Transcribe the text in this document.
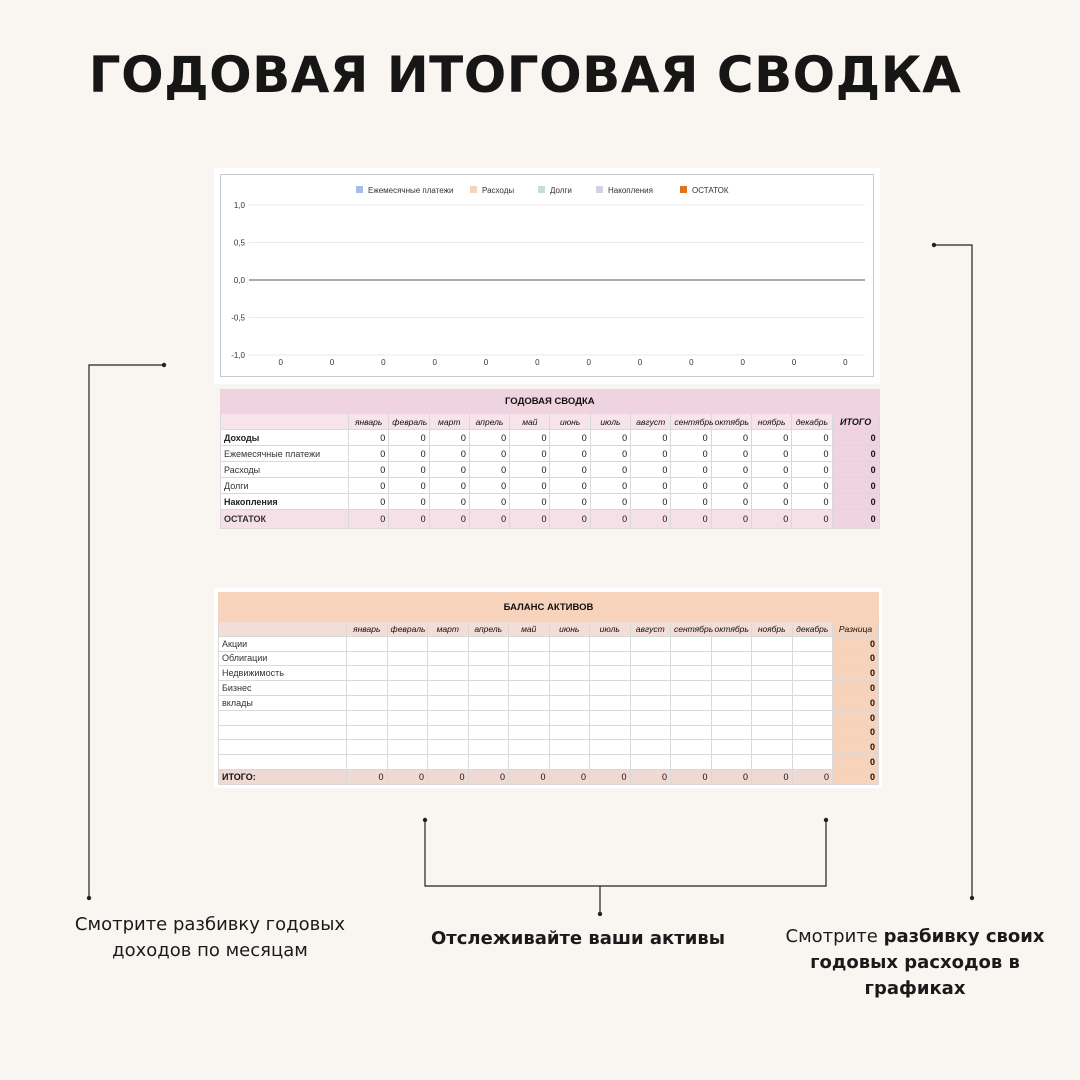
ГОДОВАЯ ИТОГОВАЯ СВОДКА
Ежемесячные платежи	Расходы	Долги	Накопления	ОСТАТОК
1,0
0,5
0,0
-0,5
-1,0
0	0	0	0	0	0	0	0	0	0	0	0
ГОДОВАЯ СВОДКА													
	январь	февраль	март	апрель	май	июнь	июль	август	сентябрь	октябрь	ноябрь	декабрь	ИТОГО
Доходы	0	0	0	0	0	0	0	0	0	0	0	0	0
Ежемесячные платежи	0	0	0	0	0	0	0	0	0	0	0	0	0
Расходы	0	0	0	0	0	0	0	0	0	0	0	0	0
Долги	0	0	0	0	0	0	0	0	0	0	0	0	0
Накопления	0	0	0	0	0	0	0	0	0	0	0	0	0
ОСТАТОК	0	0	0	0	0	0	0	0	0	0	0	0	0
БАЛАНС АКТИВОВ													
	январь	февраль	март	апрель	май	июнь	июль	август	сентябрь	октябрь	ноябрь	декабрь	Разница
Акции													0
Облигации													0
Недвижимость													0
Бизнес													0
вклады													0
													0
													0
													0
													0
ИТОГО:	0	0	0	0	0	0	0	0	0	0	0	0	0
Смотрите разбивку годовых доходов по месяцам
Отслеживайте ваши активы	Смотрите разбивку своих годовых расходов в графиках
